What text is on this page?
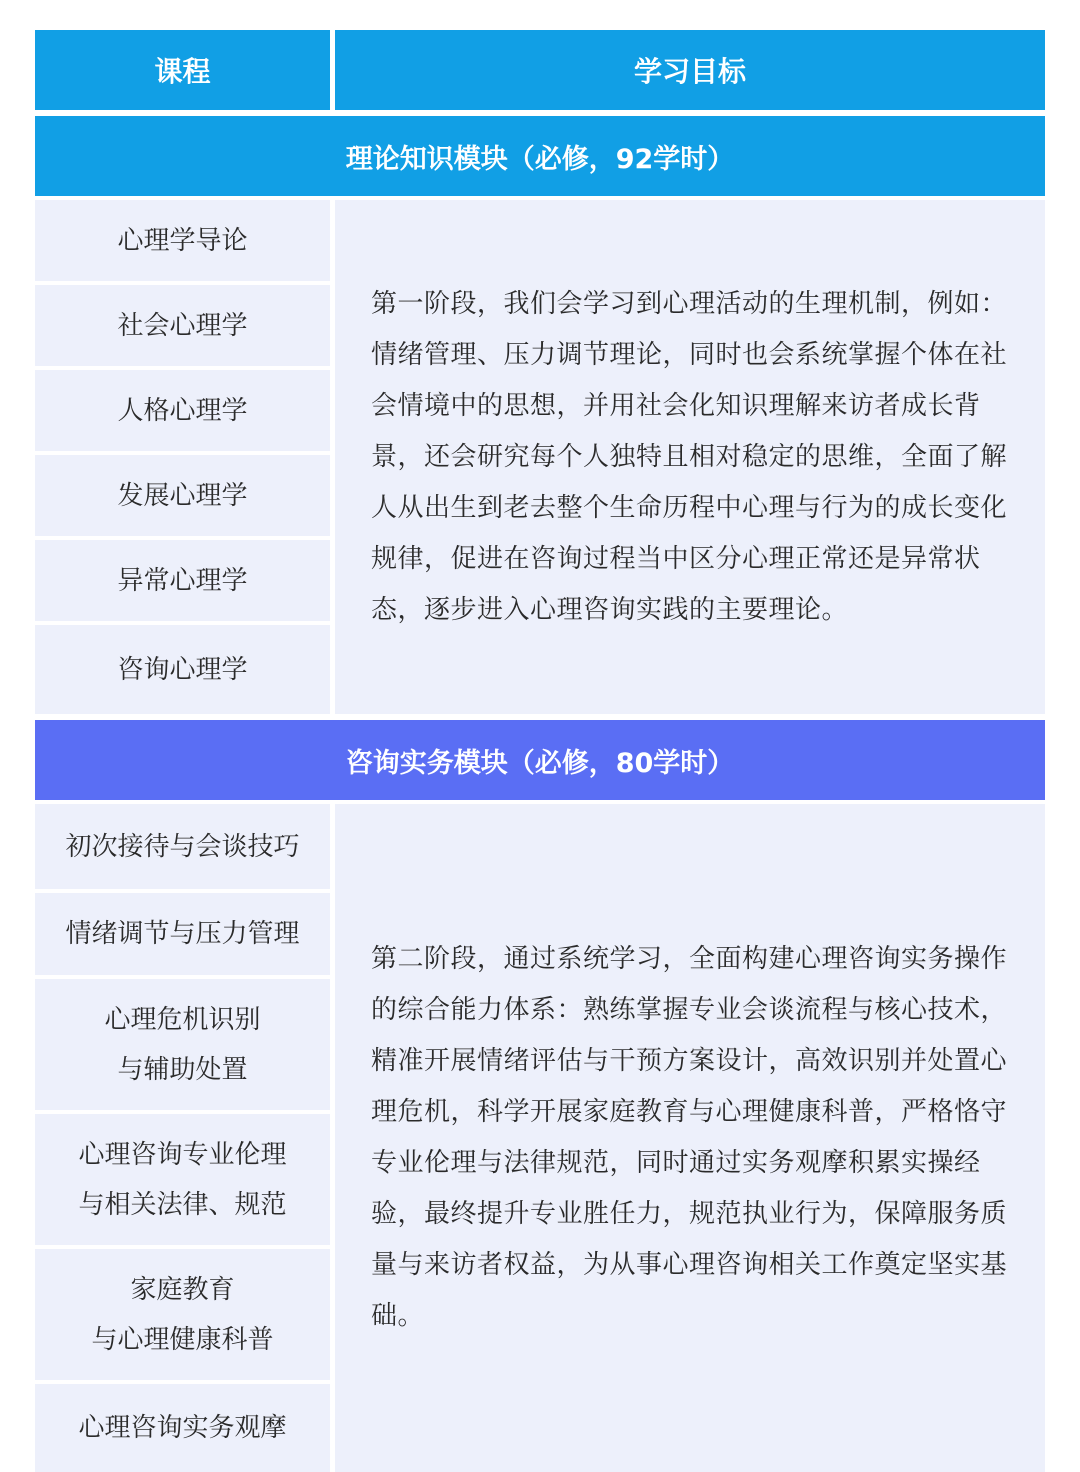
课程	学习目标
理论知识模块（必修，92学时）
心理学导论
社会心理学
人格心理学
发展心理学
异常心理学
咨询心理学
第一阶段，我们会学习到心理活动的生理机制，例如：情绪管理、压力调节理论，同时也会系统掌握个体在社会情境中的思想，并用社会化知识理解来访者成长背景，还会研究每个人独特且相对稳定的思维，全面了解人从出生到老去整个生命历程中心理与行为的成长变化规律，促进在咨询过程当中区分心理正常还是异常状态，逐步进入心理咨询实践的主要理论。
咨询实务模块（必修，80学时）
初次接待与会谈技巧
情绪调节与压力管理
心理危机识别
与辅助处置
心理咨询专业伦理
与相关法律、规范
家庭教育
与心理健康科普
心理咨询实务观摩
第二阶段，通过系统学习，全面构建心理咨询实务操作的综合能力体系：熟练掌握专业会谈流程与核心技术，精准开展情绪评估与干预方案设计，高效识别并处置心理危机，科学开展家庭教育与心理健康科普，严格恪守专业伦理与法律规范，同时通过实务观摩积累实操经验，最终提升专业胜任力，规范执业行为，保障服务质量与来访者权益，为从事心理咨询相关工作奠定坚实基础。
